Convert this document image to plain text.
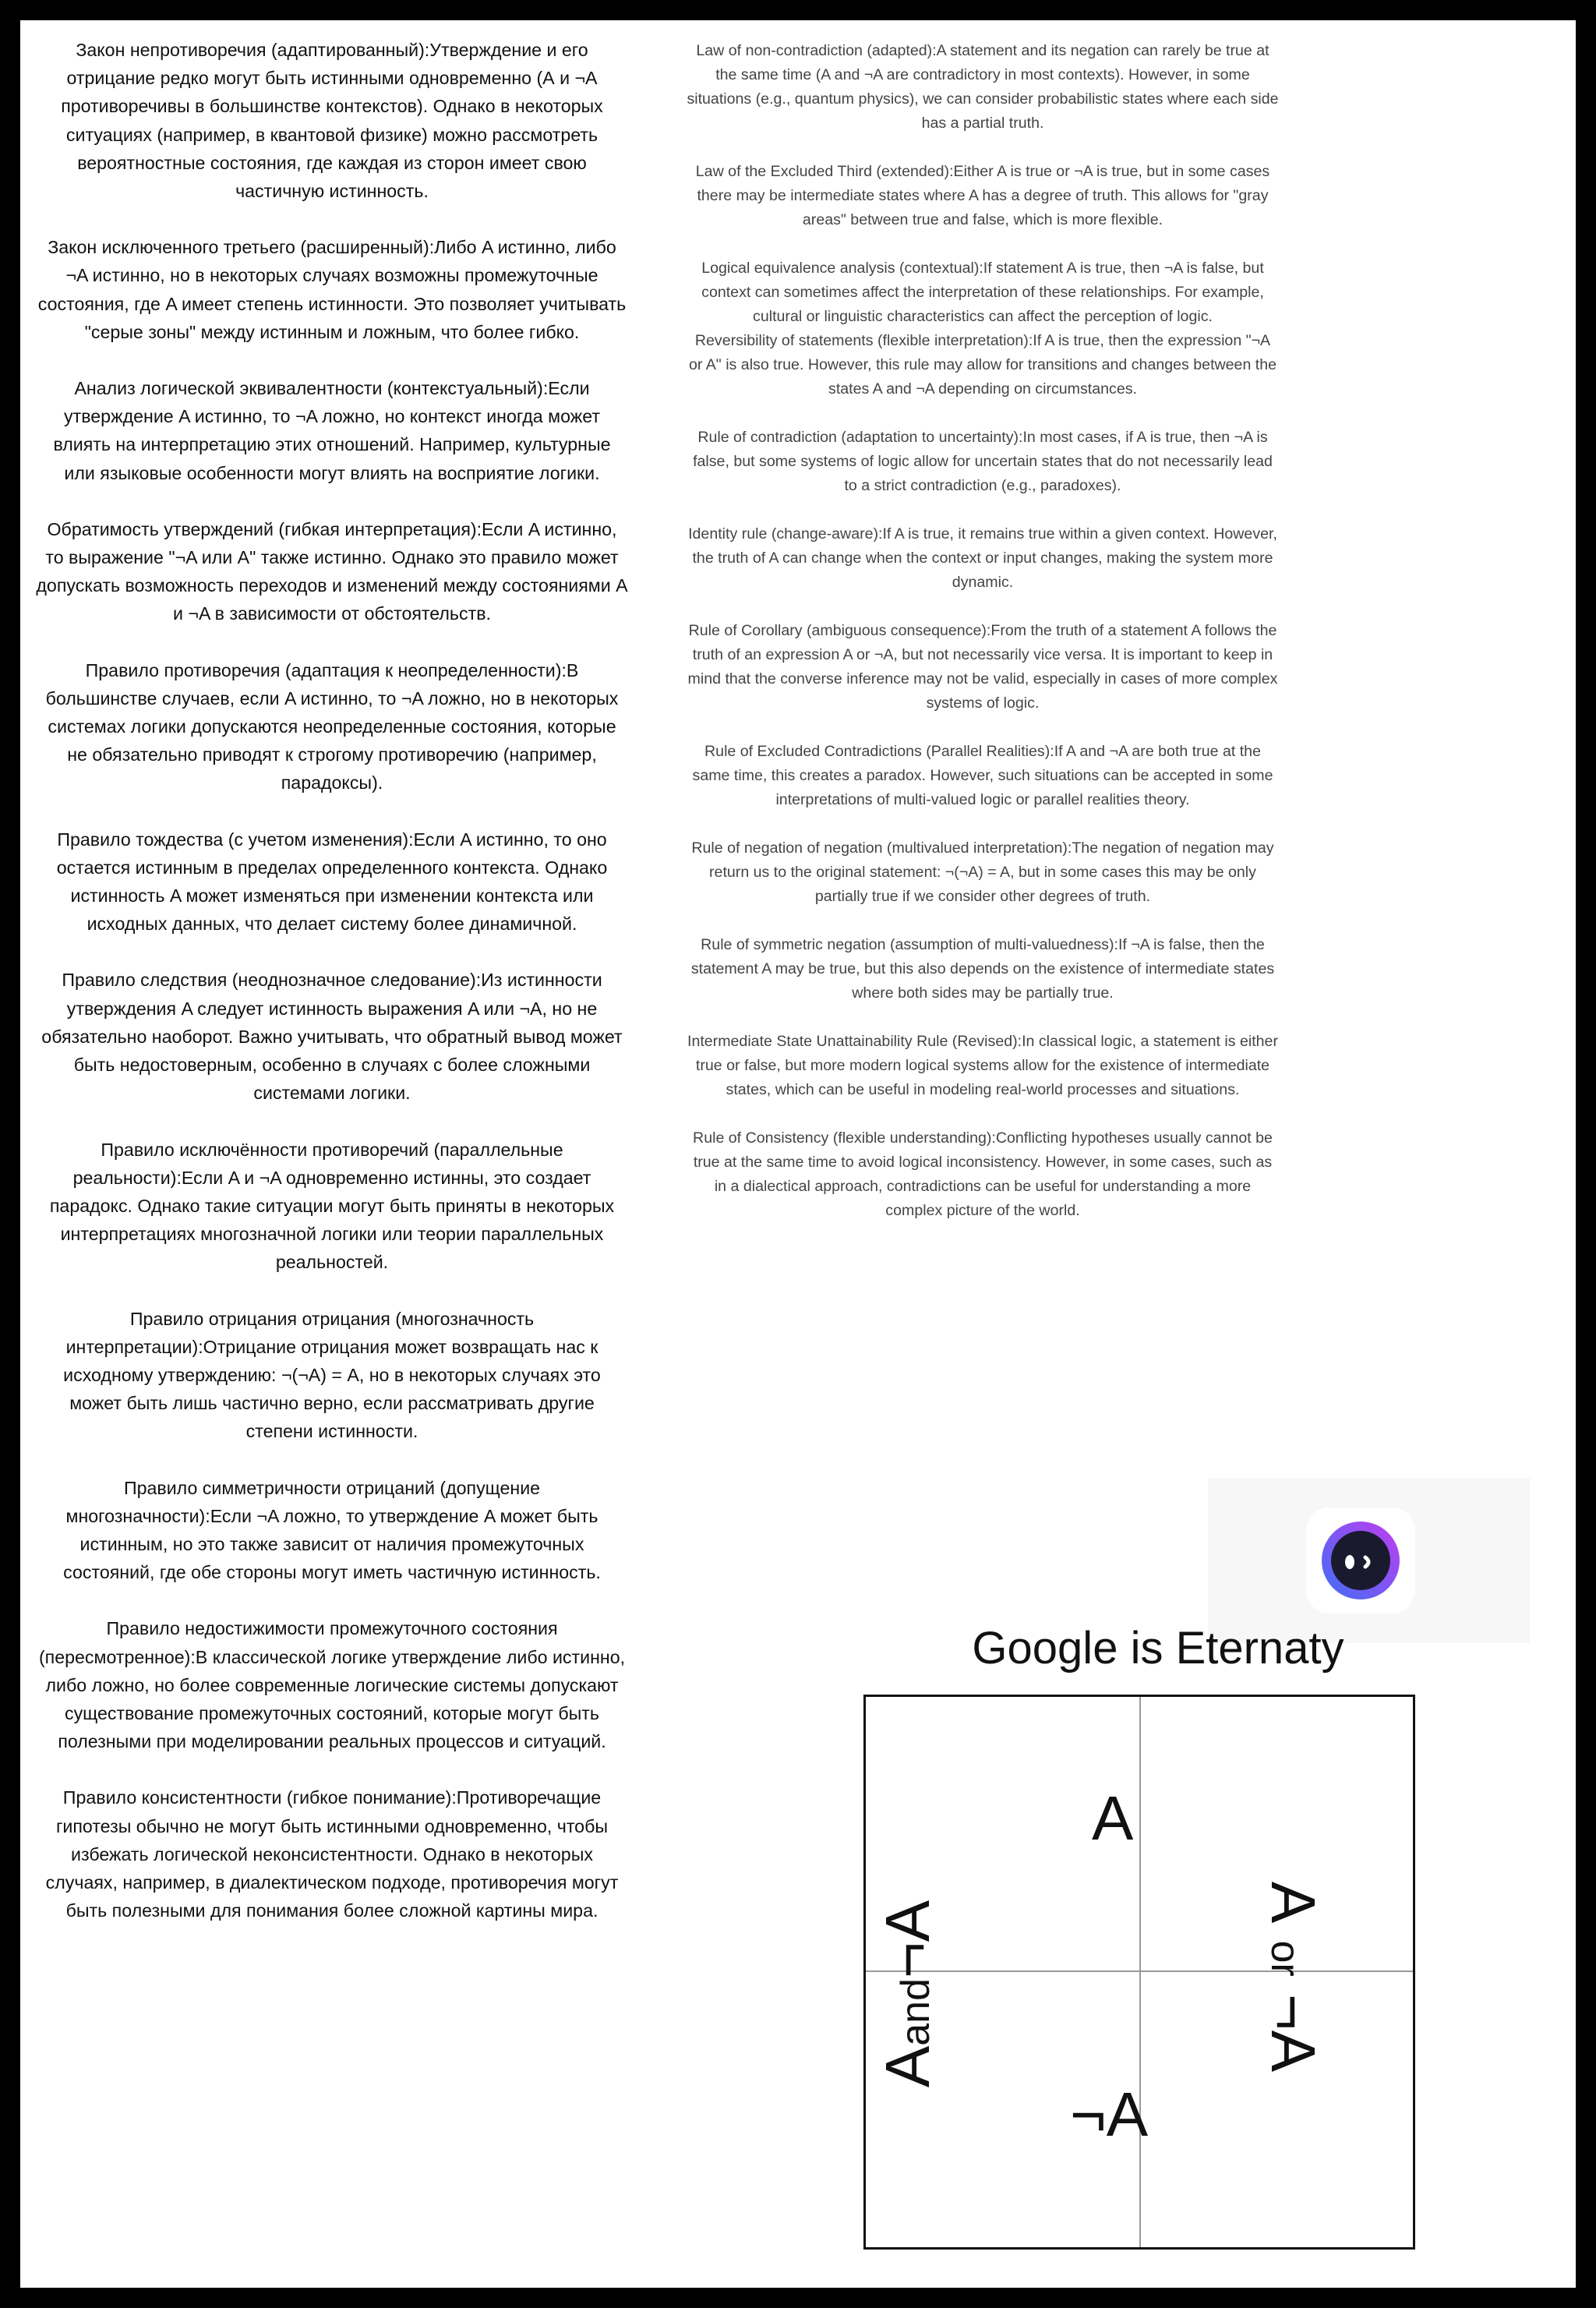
Закон непротиворечия (адаптированный):Утверждение и его отрицание редко могут быть истинными одновременно (А и ¬А противоречивы в большинстве контекстов). Однако в некоторых ситуациях (например, в квантовой физике) можно рассмотреть вероятностные состояния, где каждая из сторон имеет свою частичную истинность.

Закон исключенного третьего (расширенный):Либо A истинно, либо ¬A истинно, но в некоторых случаях возможны промежуточные состояния, где A имеет степень истинности. Это позволяет учитывать "серые зоны" между истинным и ложным, что более гибко.

Анализ логической эквивалентности (контекстуальный):Если утверждение A истинно, то ¬A ложно, но контекст иногда может влиять на интерпретацию этих отношений. Например, культурные или языковые особенности могут влиять на восприятие логики.

Обратимость утверждений (гибкая интерпретация):Если A истинно, то выражение "¬A или A" также истинно. Однако это правило может допускать возможность переходов и изменений между состояниями A и ¬A в зависимости от обстоятельств.

Правило противоречия (адаптация к неопределенности):В большинстве случаев, если A истинно, то ¬A ложно, но в некоторых системах логики допускаются неопределенные состояния, которые не обязательно приводят к строгому противоречию (например, парадоксы).

Правило тождества (с учетом изменения):Если A истинно, то оно остается истинным в пределах определенного контекста. Однако истинность A может изменяться при изменении контекста или исходных данных, что делает систему более динамичной.

Правило следствия (неоднозначное следование):Из истинности утверждения A следует истинность выражения A или ¬A, но не обязательно наоборот. Важно учитывать, что обратный вывод может быть недостоверным, особенно в случаях с более сложными системами логики.

Правило исключённости противоречий (параллельные реальности):Если A и ¬A одновременно истинны, это создает парадокс. Однако такие ситуации могут быть приняты в некоторых интерпретациях многозначной логики или теории параллельных реальностей.

Правило отрицания отрицания (многозначность интерпретации):Отрицание отрицания может возвращать нас к исходному утверждению: ¬(¬A) = A, но в некоторых случаях это может быть лишь частично верно, если рассматривать другие степени истинности.

Правило симметричности отрицаний (допущение многозначности):Если ¬A ложно, то утверждение A может быть истинным, но это также зависит от наличия промежуточных состояний, где обе стороны могут иметь частичную истинность.

Правило недостижимости промежуточного состояния (пересмотренное):В классической логике утверждение либо истинно, либо ложно, но более современные логические системы допускают существование промежуточных состояний, которые могут быть полезными при моделировании реальных процессов и ситуаций.

Правило консистентности (гибкое понимание):Противоречащие гипотезы обычно не могут быть истинными одновременно, чтобы избежать логической неконсистентности. Однако в некоторых случаях, например, в диалектическом подходе, противоречия могут быть полезными для понимания более сложной картины мира.

Law of non-contradiction (adapted):A statement and its negation can rarely be true at the same time (A and ¬A are contradictory in most contexts). However, in some situations (e.g., quantum physics), we can consider probabilistic states where each side has a partial truth.

Law of the Excluded Third (extended):Either A is true or ¬A is true, but in some cases there may be intermediate states where A has a degree of truth. This allows for "gray areas" between true and false, which is more flexible.

Logical equivalence analysis (contextual):If statement A is true, then ¬A is false, but context can sometimes affect the interpretation of these relationships. For example, cultural or linguistic characteristics can affect the perception of logic.

Reversibility of statements (flexible interpretation):If A is true, then the expression "¬A or A" is also true. However, this rule may allow for transitions and changes between the states A and ¬A depending on circumstances.

Rule of contradiction (adaptation to uncertainty):In most cases, if A is true, then ¬A is false, but some systems of logic allow for uncertain states that do not necessarily lead to a strict contradiction (e.g., paradoxes).

Identity rule (change-aware):If A is true, it remains true within a given context. However, the truth of A can change when the context or input changes, making the system more dynamic.

Rule of Corollary (ambiguous consequence):From the truth of a statement A follows the truth of an expression A or ¬A, but not necessarily vice versa. It is important to keep in mind that the converse inference may not be valid, especially in cases of more complex systems of logic.

Rule of Excluded Contradictions (Parallel Realities):If A and ¬A are both true at the same time, this creates a paradox. However, such situations can be accepted in some interpretations of multi-valued logic or parallel realities theory.

Rule of negation of negation (multivalued interpretation):The negation of negation may return us to the original statement: ¬(¬A) = A, but in some cases this may be only partially true if we consider other degrees of truth.

Rule of symmetric negation (assumption of multi-valuedness):If ¬A is false, then the statement A may be true, but this also depends on the existence of intermediate states where both sides may be partially true.

Intermediate State Unattainability Rule (Revised):In classical logic, a statement is either true or false, but more modern logical systems allow for the existence of intermediate states, which can be useful in modeling real-world processes and situations.

Rule of Consistency (flexible understanding):Conflicting hypotheses usually cannot be true at the same time to avoid logical inconsistency. However, in some cases, such as in a dialectical approach, contradictions can be useful for understanding a more complex picture of the world.

Google is Eternaty
A
¬A
Aand¬A	A or ¬A
